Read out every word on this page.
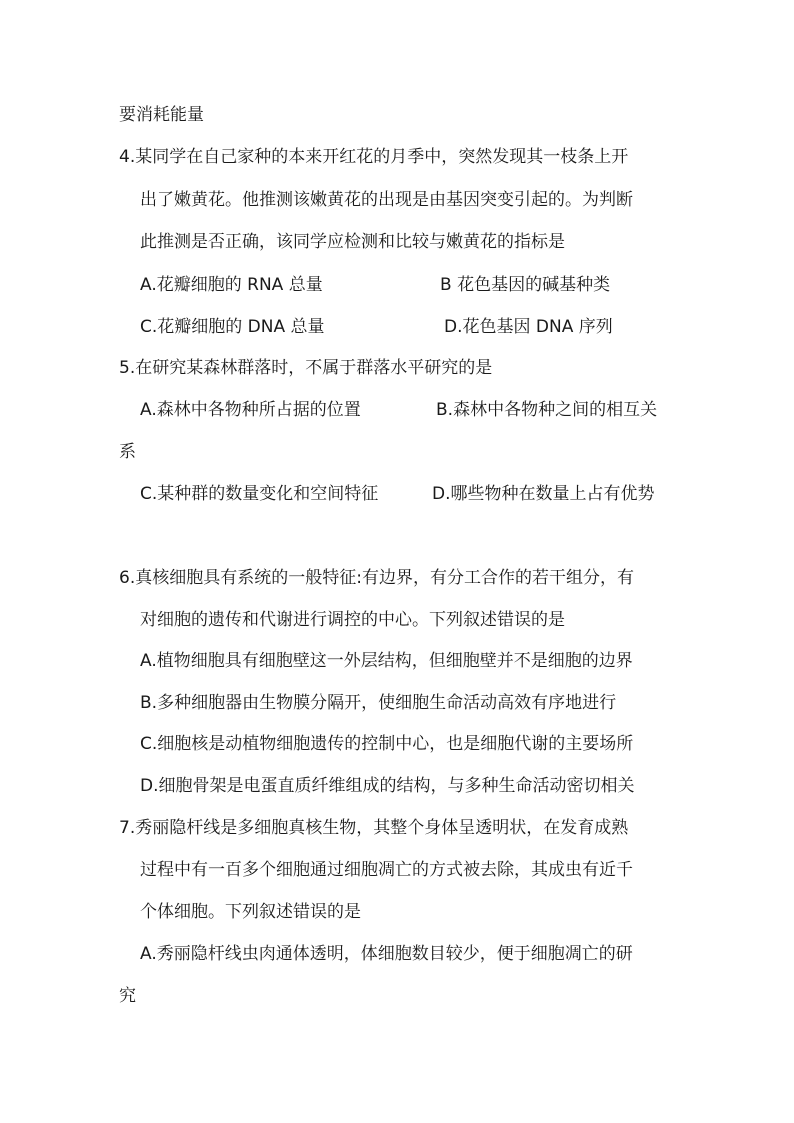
要消耗能量
4.某同学在自己家种的本来开红花的月季中，突然发现其一枝条上开
出了嫩黄花。他推测该嫩黄花的出现是由基因突变引起的。为判断
此推测是否正确，该同学应检测和比较与嫩黄花的指标是
A.花瓣细胞的 RNA 总量	B 花色基因的碱基种类
C.花瓣细胞的 DNA 总量	D.花色基因 DNA 序列
5.在研究某森林群落时，不属于群落水平研究的是
A.森林中各物种所占据的位置	B.森林中各物种之间的相互关
系
C.某种群的数量变化和空间特征	D.哪些物种在数量上占有优势
6.真核细胞具有系统的一般特征:有边界，有分工合作的若干组分，有
对细胞的遗传和代谢进行调控的中心。下列叙述错误的是
A.植物细胞具有细胞壁这一外层结构，但细胞壁并不是细胞的边界
B.多种细胞器由生物膜分隔开，使细胞生命活动高效有序地进行
C.细胞核是动植物细胞遗传的控制中心，也是细胞代谢的主要场所
D.细胞骨架是电蛋直质纤维组成的结构，与多种生命活动密切相关
7.秀丽隐杆线是多细胞真核生物，其整个身体呈透明状，在发育成熟
过程中有一百多个细胞通过细胞凋亡的方式被去除，其成虫有近千
个体细胞。下列叙述错误的是
A.秀丽隐杆线虫肉通体透明，体细胞数目较少，便于细胞凋亡的研
究
